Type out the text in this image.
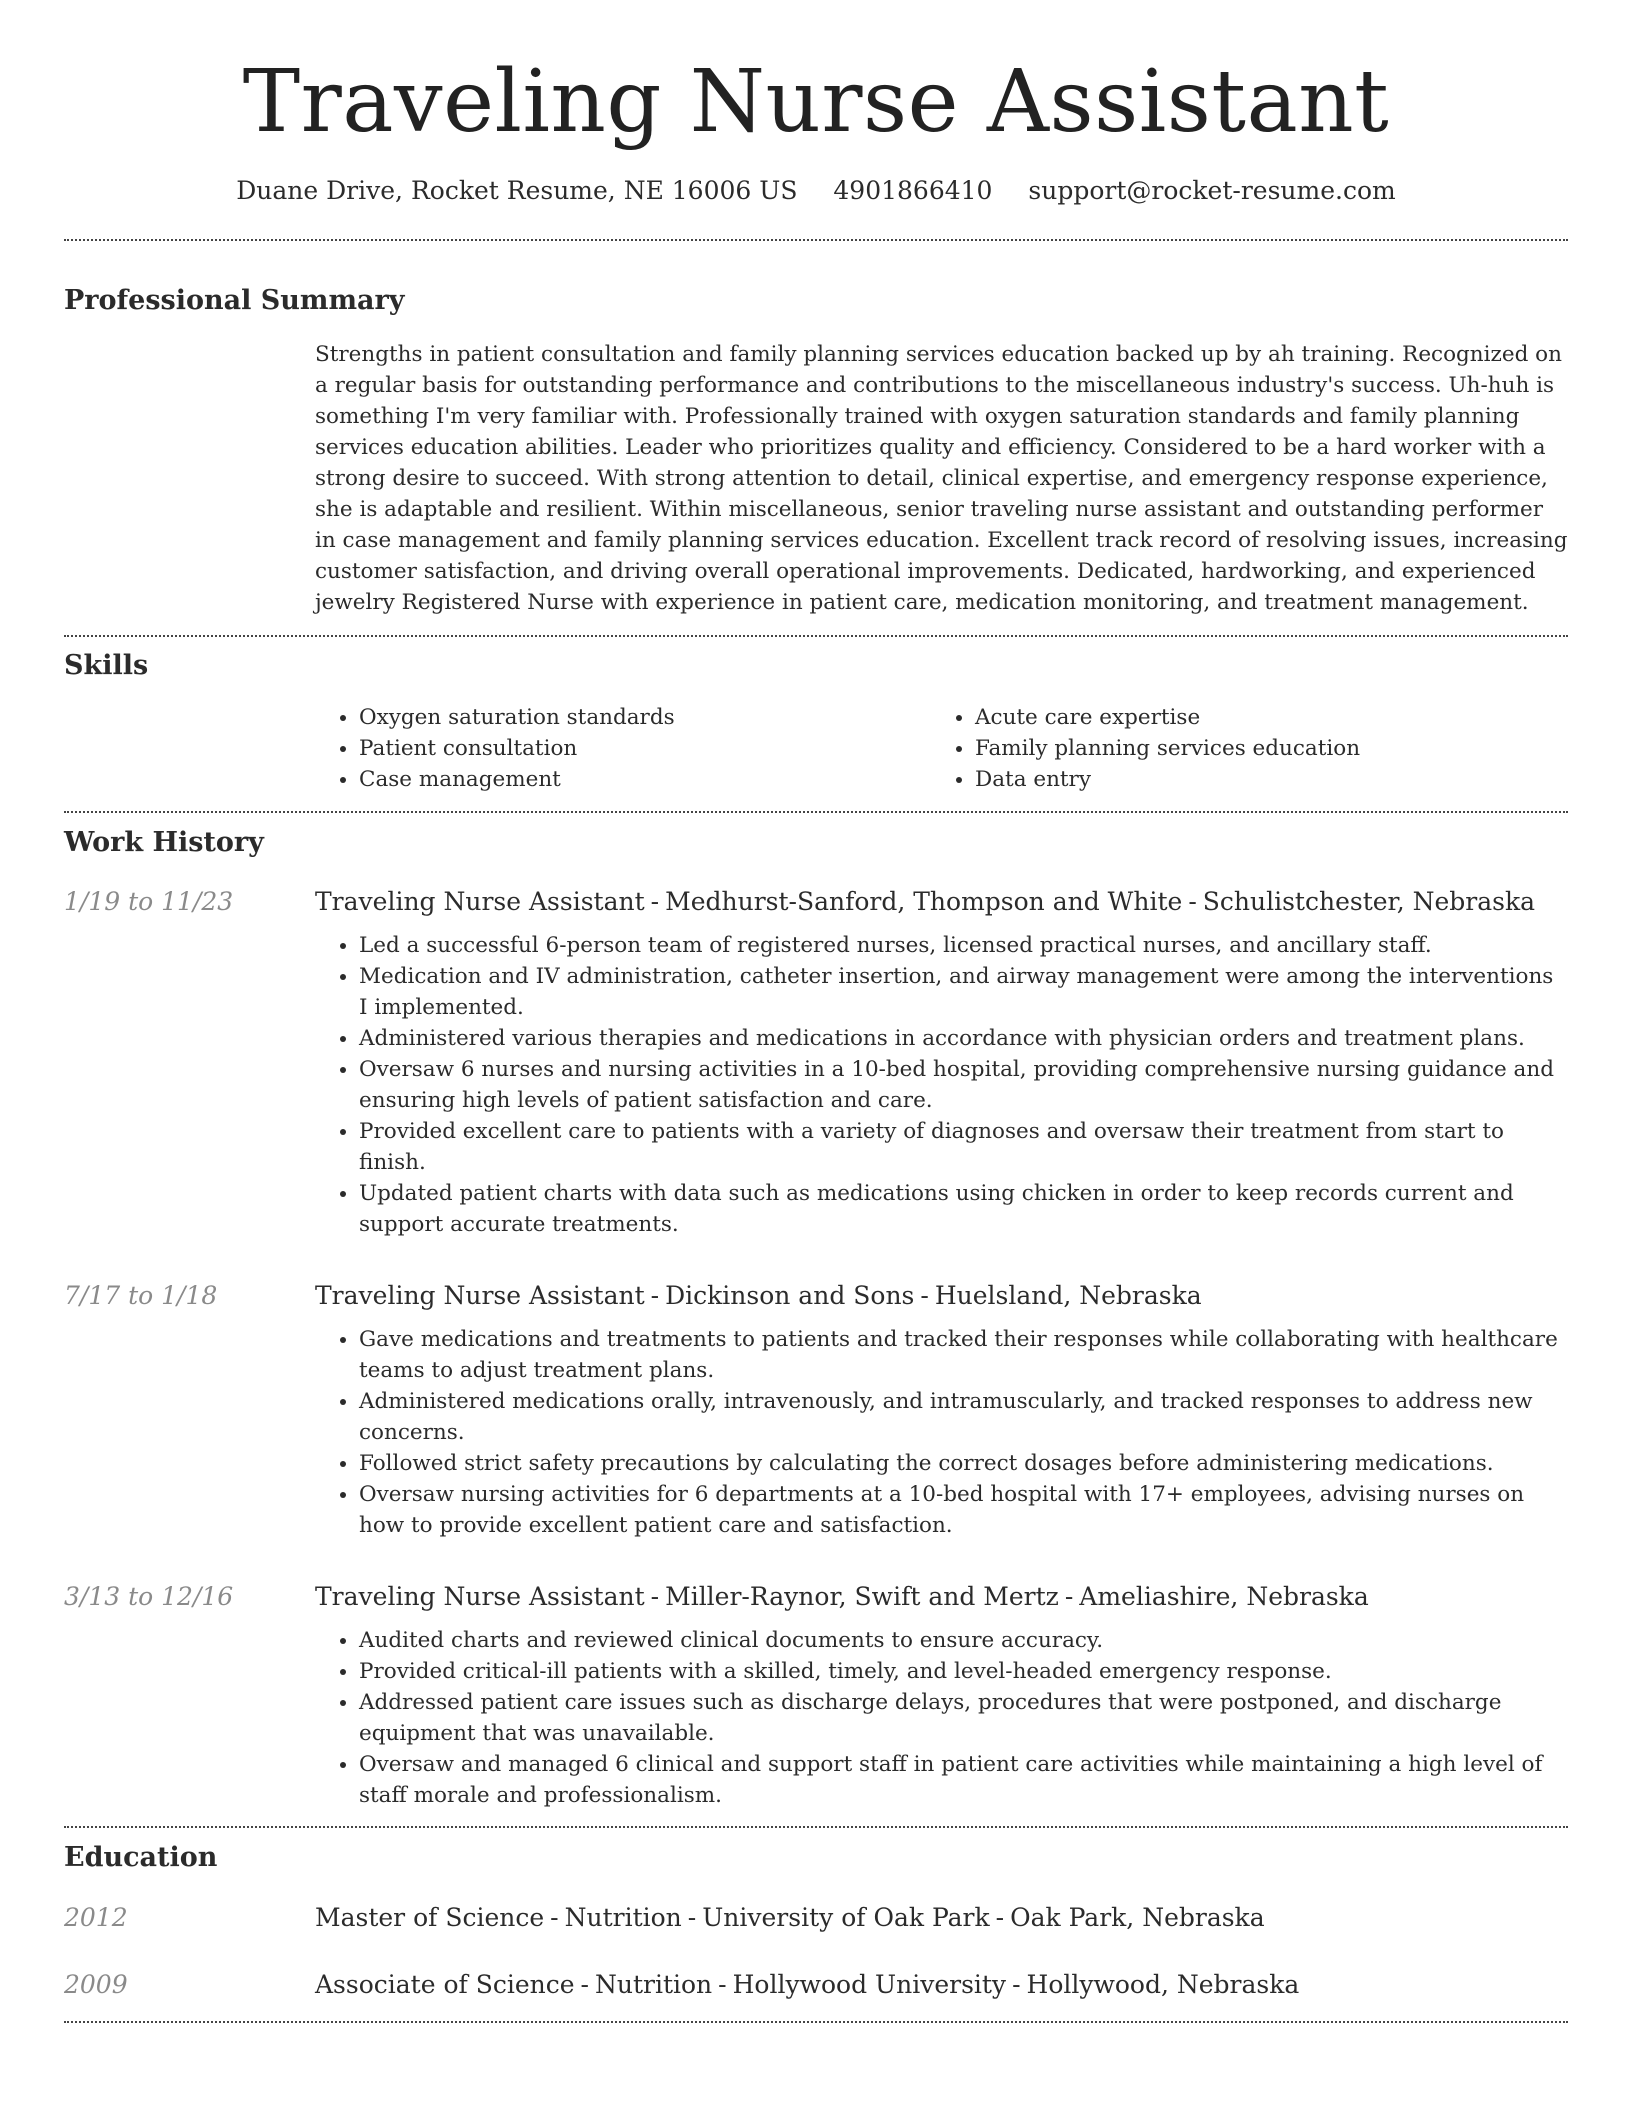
Traveling Nurse Assistant
Duane Drive, Rocket Resume, NE 16006 US 4901866410 support@rocket-resume.com
Professional Summary
Strengths in patient consultation and family planning services education backed up by ah training. Recognized on a regular basis for outstanding performance and contributions to the miscellaneous industry's success. Uh-huh is something I'm very familiar with. Professionally trained with oxygen saturation standards and family planning services education abilities. Leader who prioritizes quality and efficiency. Considered to be a hard worker with a strong desire to succeed. With strong attention to detail, clinical expertise, and emergency response experience, she is adaptable and resilient. Within miscellaneous, senior traveling nurse assistant and outstanding performer in case management and family planning services education. Excellent track record of resolving issues, increasing customer satisfaction, and driving overall operational improvements. Dedicated, hardworking, and experienced jewelry Registered Nurse with experience in patient care, medication monitoring, and treatment management.
Skills
• Oxygen saturation standards
• Patient consultation
• Case management
• Acute care expertise
• Family planning services education
• Data entry
Work History
1/19 to 11/23	Traveling Nurse Assistant - Medhurst-Sanford, Thompson and White - Schulistchester, Nebraska
• Led a successful 6-person team of registered nurses, licensed practical nurses, and ancillary staff.
• Medication and IV administration, catheter insertion, and airway management were among the interventions I implemented.
• Administered various therapies and medications in accordance with physician orders and treatment plans.
• Oversaw 6 nurses and nursing activities in a 10-bed hospital, providing comprehensive nursing guidance and ensuring high levels of patient satisfaction and care.
• Provided excellent care to patients with a variety of diagnoses and oversaw their treatment from start to finish.
• Updated patient charts with data such as medications using chicken in order to keep records current and support accurate treatments.
7/17 to 1/18	Traveling Nurse Assistant - Dickinson and Sons - Huelsland, Nebraska
• Gave medications and treatments to patients and tracked their responses while collaborating with healthcare teams to adjust treatment plans.
• Administered medications orally, intravenously, and intramuscularly, and tracked responses to address new concerns.
• Followed strict safety precautions by calculating the correct dosages before administering medications.
• Oversaw nursing activities for 6 departments at a 10-bed hospital with 17+ employees, advising nurses on how to provide excellent patient care and satisfaction.
3/13 to 12/16	Traveling Nurse Assistant - Miller-Raynor, Swift and Mertz - Ameliashire, Nebraska
• Audited charts and reviewed clinical documents to ensure accuracy.
• Provided critical-ill patients with a skilled, timely, and level-headed emergency response.
• Addressed patient care issues such as discharge delays, procedures that were postponed, and discharge equipment that was unavailable.
• Oversaw and managed 6 clinical and support staff in patient care activities while maintaining a high level of staff morale and professionalism.
Education
2012	Master of Science - Nutrition - University of Oak Park - Oak Park, Nebraska
2009	Associate of Science - Nutrition - Hollywood University - Hollywood, Nebraska
